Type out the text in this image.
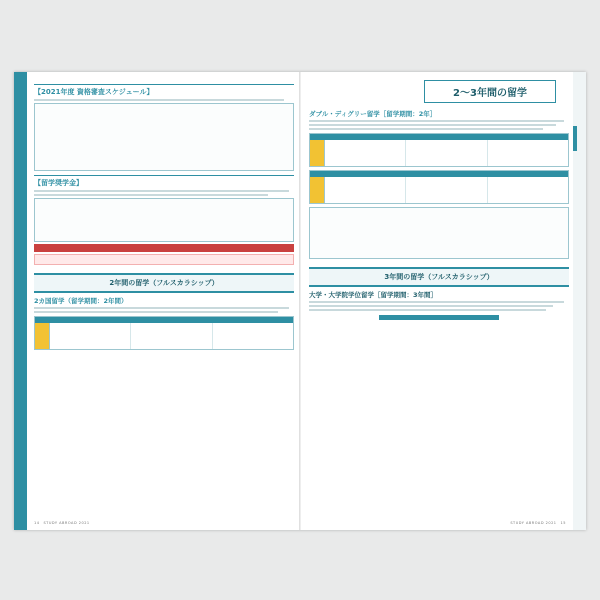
【2021年度 資格審査スケジュール】
【留学奨学金】
2年間の留学（フルスカラシップ）
2カ国留学（留学期間：2年間）
2〜3年間の留学
ダブル・ディグリー留学［留学期間：2年］
3年間の留学（フルスカラシップ）
大学・大学院学位留学［留学期間：3年間］
14　STUDY ABROAD 2021	STUDY ABROAD 2021　15
